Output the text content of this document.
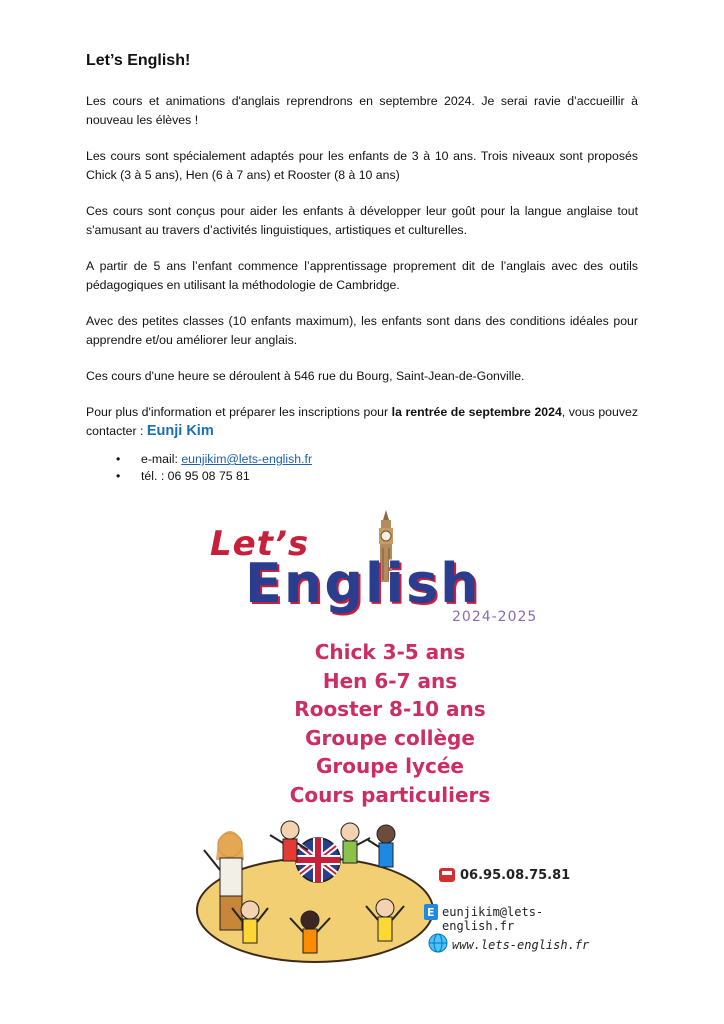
Let’s English!

Les cours et animations d'anglais reprendrons en septembre 2024. Je serai ravie d’accueillir à nouveau les élèves !

Les cours sont spécialement adaptés pour les enfants de 3 à 10 ans. Trois niveaux sont proposés Chick (3 à 5 ans), Hen (6 à 7 ans) et Rooster (8 à 10 ans)

Ces cours sont conçus pour aider les enfants à développer leur goût pour la langue anglaise tout s'amusant au travers d’activités linguistiques, artistiques et culturelles.

A partir de 5 ans l’enfant commence l’apprentissage proprement dit de l’anglais avec des outils pédagogiques en utilisant la méthodologie de Cambridge.

Avec des petites classes (10 enfants maximum), les enfants sont dans des conditions idéales pour apprendre et/ou améliorer leur anglais.

Ces cours d'une heure se déroulent à 546 rue du Bourg, Saint-Jean-de-Gonville.

Pour plus d'information et préparer les inscriptions pour la rentrée de septembre 2024, vous pouvez contacter : Eunji Kim

• e-mail: eunjikim@lets-english.fr
• tél. : 06 95 08 75 81
Let’s
English
2024-2025
Chick 3-5 ans
Hen 6-7 ans
Rooster 8-10 ans
Groupe collège
Groupe lycée
Cours particuliers
E
06.95.08.75.81
eunjikim@lets-english.fr
www.lets-english.fr
